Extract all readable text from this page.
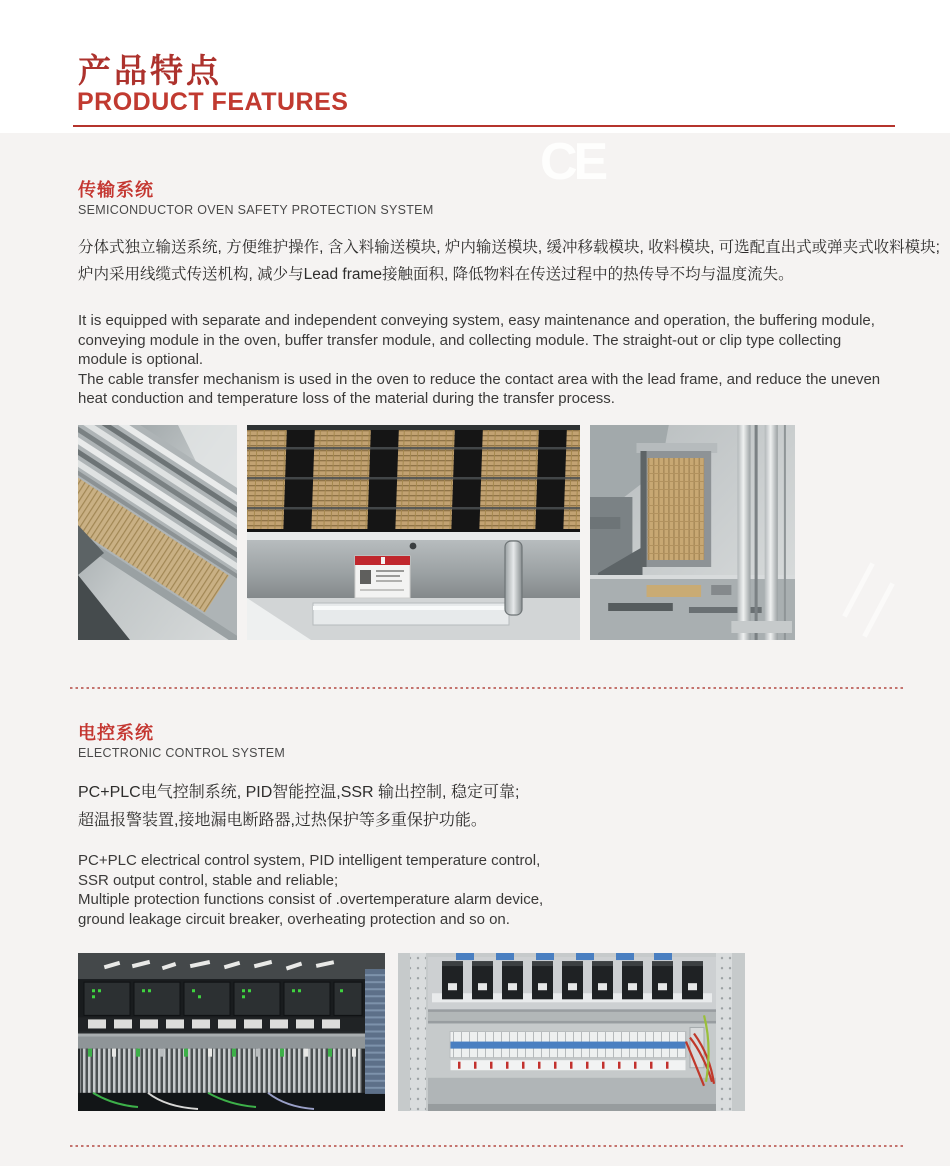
产品特点
PRODUCT FEATURES
CE
传输系统
SEMICONDUCTOR OVEN SAFETY PROTECTION SYSTEM
分体式独立输送系统, 方便维护操作, 含入料输送模块, 炉内输送模块, 缓冲移载模块, 收料模块, 可选配直出式或弹夹式收料模块;
炉内采用线缆式传送机构, 减少与Lead frame接触面积, 降低物料在传送过程中的热传导不均与温度流失。
It is equipped with separate and independent conveying system, easy maintenance and operation, the buffering module,
conveying module in the oven, buffer transfer module, and collecting module. The straight-out or clip type collecting
module is optional.
The cable transfer mechanism is used in the oven to reduce the contact area with the lead frame, and reduce the uneven
heat conduction and temperature loss of the material during the transfer process.
电控系统
ELECTRONIC CONTROL SYSTEM
PC+PLC电气控制系统, PID智能控温,SSR 输出控制, 稳定可靠;
超温报警装置,接地漏电断路器,过热保护等多重保护功能。
PC+PLC electrical control system, PID intelligent temperature control,
SSR output control, stable and reliable;
Multiple protection functions consist of .overtemperature alarm device,
ground leakage circuit breaker, overheating protection and so on.
